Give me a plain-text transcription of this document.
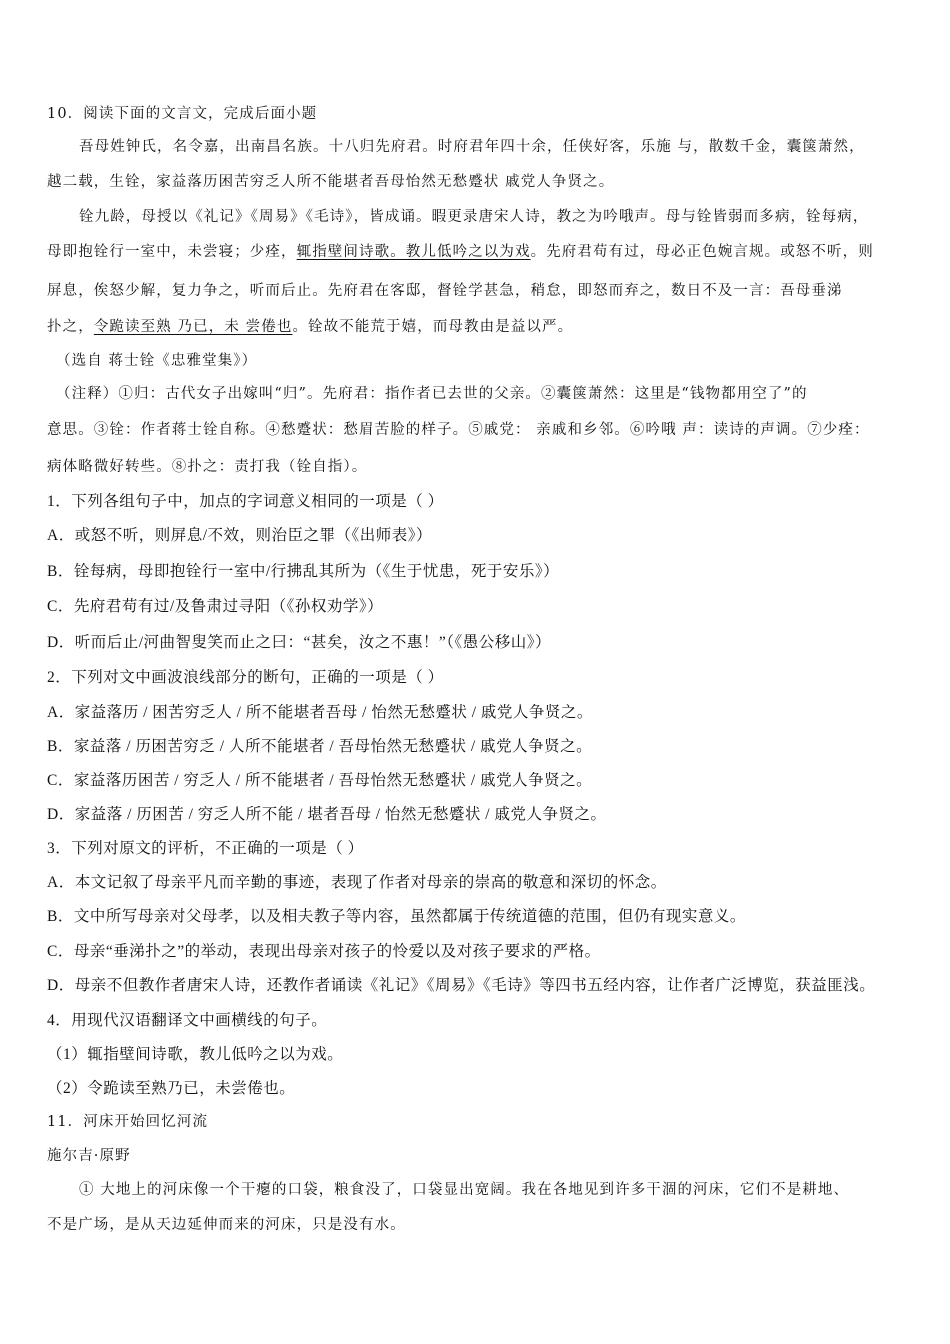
10．阅读下面的文言文，完成后面小题
吾母姓钟氏，名令嘉，出南昌名族。十八归先府君。时府君年四十余，任侠好客，乐施 与，散数千金，囊箧萧然，
越二载，生铨，家益落历困苦穷乏人所不能堪者吾母怡然无愁蹙状 戚党人争贤之。
铨九龄，母授以《礼记》《周易》《毛诗》，皆成诵。暇更录唐宋人诗，教之为吟哦声。母与铨皆弱而多病，铨每病，
母即抱铨行一室中，未尝寝；少痊，辄指壁间诗歌。教儿低吟之以为戏。先府君苟有过，母必正色婉言规。或怒不听，则
屏息，俟怒少解，复力争之，听而后止。先府君在客邸，督铨学甚急，稍怠，即怒而弃之，数日不及一言：吾母垂涕
扑之，令跪读至熟 乃已，未 尝倦也。铨故不能荒于嬉，而母教由是益以严。
（选自 蒋士铨《忠雅堂集》）
（注释）①归：古代女子出嫁叫“归”。先府君：指作者已去世的父亲。②囊箧萧然：这里是“钱物都用空了”的
意思。③铨：作者蒋士铨自称。④愁蹙状：愁眉苦脸的样子。⑤戚党： 亲戚和乡邻。⑥吟哦 声：读诗的声调。⑦少痊：
病体略微好转些。⑧扑之：责打我（铨自指）。
1．下列各组句子中，加点的字词意义相同的一项是（ ）
A．或怒不听，则屏息/不效，则治臣之罪（《出师表》）
B．铨每病，母即抱铨行一室中/行拂乱其所为（《生于忧患，死于安乐》）
C．先府君苟有过/及鲁肃过寻阳（《孙权劝学》）
D．听而后止/河曲智叟笑而止之曰：“甚矣，汝之不惠！”（《愚公移山》）
2．下列对文中画波浪线部分的断句，正确的一项是（ ）
A．家益落历 / 困苦穷乏人 / 所不能堪者吾母 / 怡然无愁蹙状 / 戚党人争贤之。
B．家益落 / 历困苦穷乏 / 人所不能堪者 / 吾母怡然无愁蹙状 / 戚党人争贤之。
C．家益落历困苦 / 穷乏人 / 所不能堪者 / 吾母怡然无愁蹙状 / 戚党人争贤之。
D．家益落 / 历困苦 / 穷乏人所不能 / 堪者吾母 / 怡然无愁蹙状 / 戚党人争贤之。
3．下列对原文的评析，不正确的一项是（ ）
A．本文记叙了母亲平凡而辛勤的事迹，表现了作者对母亲的崇高的敬意和深切的怀念。
B．文中所写母亲对父母孝，以及相夫教子等内容，虽然都属于传统道德的范围，但仍有现实意义。
C．母亲“垂涕扑之”的举动，表现出母亲对孩子的怜爱以及对孩子要求的严格。
D．母亲不但教作者唐宋人诗，还教作者诵读《礼记》《周易》《毛诗》等四书五经内容，让作者广泛博览，获益匪浅。
4．用现代汉语翻译文中画横线的句子。
（1）辄指壁间诗歌，教儿低吟之以为戏。
（2）令跪读至熟乃已，未尝倦也。
11．河床开始回忆河流
施尔吉·原野
① 大地上的河床像一个干瘪的口袋，粮食没了，口袋显出宽阔。我在各地见到许多干涸的河床，它们不是耕地、
不是广场，是从天边延伸而来的河床，只是没有水。
